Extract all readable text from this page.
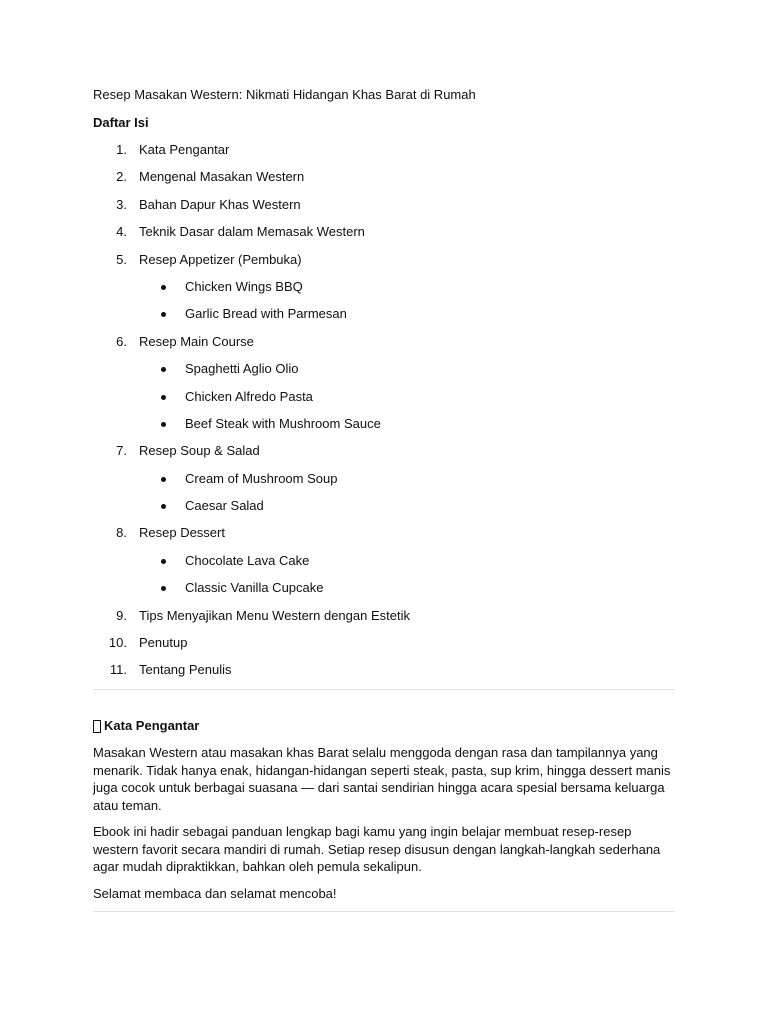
Resep Masakan Western: Nikmati Hidangan Khas Barat di Rumah
Daftar Isi
1. Kata Pengantar
2. Mengenal Masakan Western
3. Bahan Dapur Khas Western
4. Teknik Dasar dalam Memasak Western
5. Resep Appetizer (Pembuka)
Chicken Wings BBQ
Garlic Bread with Parmesan
6. Resep Main Course
Spaghetti Aglio Olio
Chicken Alfredo Pasta
Beef Steak with Mushroom Sauce
7. Resep Soup & Salad
Cream of Mushroom Soup
Caesar Salad
8. Resep Dessert
Chocolate Lava Cake
Classic Vanilla Cupcake
9. Tips Menyajikan Menu Western dengan Estetik
10. Penutup
11. Tentang Penulis
Kata Pengantar

Masakan Western atau masakan khas Barat selalu menggoda dengan rasa dan tampilannya yang menarik. Tidak hanya enak, hidangan-hidangan seperti steak, pasta, sup krim, hingga dessert manis juga cocok untuk berbagai suasana — dari santai sendirian hingga acara spesial bersama keluarga atau teman.

Ebook ini hadir sebagai panduan lengkap bagi kamu yang ingin belajar membuat resep-resep western favorit secara mandiri di rumah. Setiap resep disusun dengan langkah-langkah sederhana agar mudah dipraktikkan, bahkan oleh pemula sekalipun.

Selamat membaca dan selamat mencoba!
